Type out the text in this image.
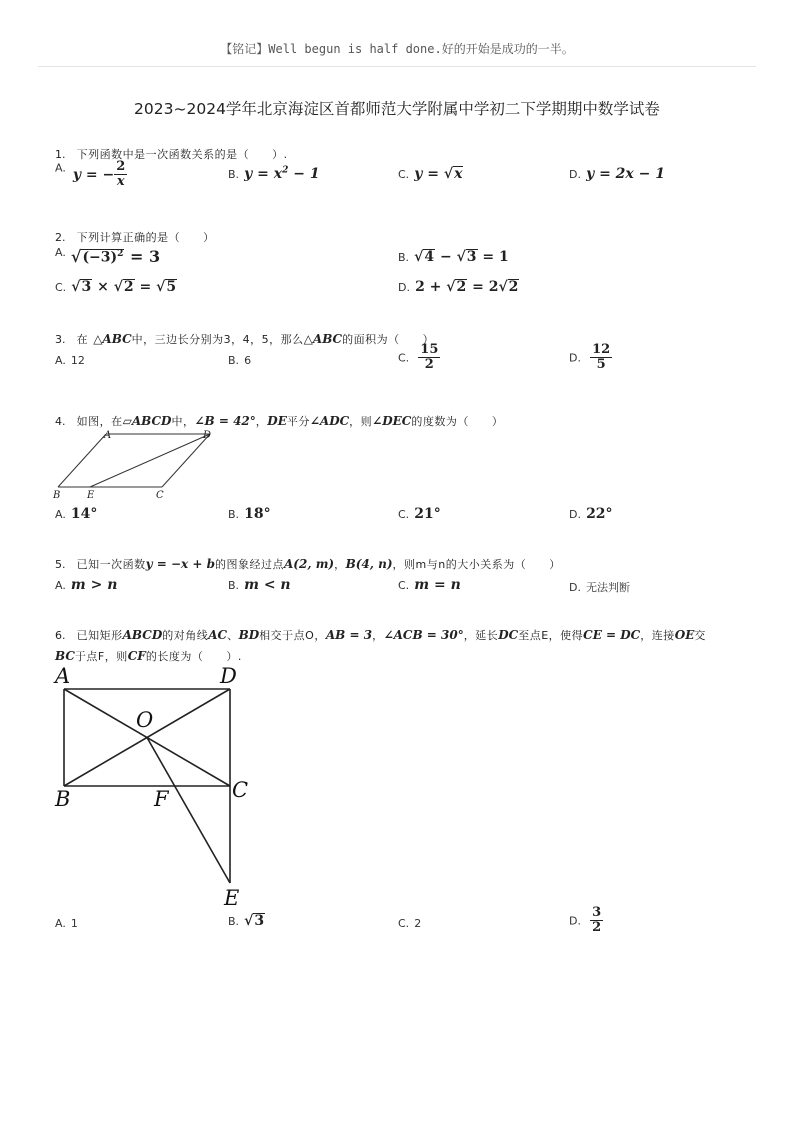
【铭记】Well begun is half done.好的开始是成功的一半。
2023~2024学年北京海淀区首都师范大学附属中学初二下学期期中数学试卷
1. 下列函数中是一次函数关系的是（　　）.
$^{A.}$ y = − $\frac{2}{x}$	B. $y = x^2 - 1$	C. y = √x	D. y = 2x − 1
2. 下列计算正确的是（　　）
$^{A.}$ $√(-3)^2 = 3$	B. √4 − √3 = 1
C. √3 × √2 = √5	D. 2 + √2 = 2√2
3. 在 △ABC中，三边长分别为3，4，5，那么△ABC的面积为（　　）
A. 12	B. 6	C. $\frac{15}{2}$	D. $\frac{12}{5}$
4. 如图，在▱ABCD中，∠B = 42°，DE平分∠ADC，则∠DEC的度数为（　　）
A	D
B	E	C
A. 14°	B. 18°	C. 21°	D. 22°
5. 已知一次函数y = −x + b的图象经过点A(2, m)，B(4, n)，则m与n的大小关系为（　　）
A. m > n	B. m < n	C. m = n	D. 无法判断
6. 已知矩形ABCD的对角线AC、BD相交于点O，AB = 3，∠ACB = 30°，延长DC至点E，使得CE = DC，连接OE交
BC于点F，则CF的长度为（　　）.
A	D
O
B	F	C
E
A. 1	B. √3	C. 2	D. $\frac{3}{2}$
